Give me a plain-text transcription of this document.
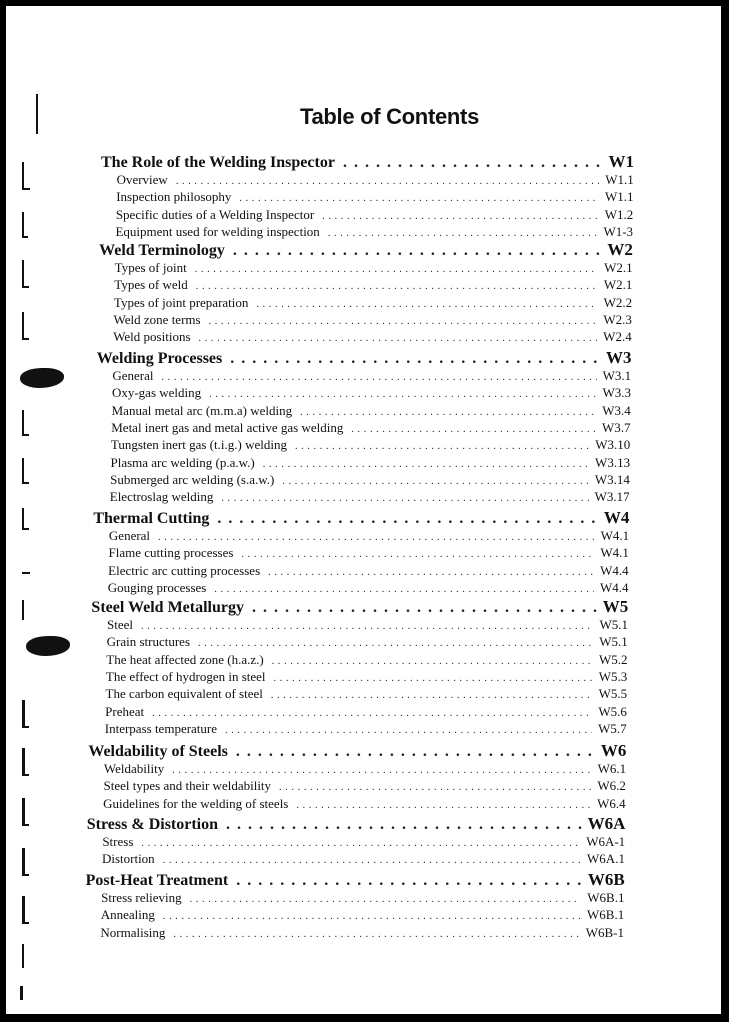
Table of Contents
The Role of the Welding Inspector . . .	W1
Overview . . .	W1.1
Inspection philosophy . . .	W1.1
Specific duties of a Welding Inspector . . .	W1.2
Equipment used for welding inspection . . .	W1-3
Weld Terminology . . .	W2
Types of joint . . .	W2.1
Types of weld . . .	W2.1
Types of joint preparation . . .	W2.2
Weld zone terms . . .	W2.3
Weld positions . . .	W2.4
Welding Processes . . .	W3
General . . .	W3.1
Oxy-gas welding . . .	W3.3
Manual metal arc (m.m.a) welding . . .	W3.4
Metal inert gas and metal active gas welding . . .	W3.7
Tungsten inert gas (t.i.g.) welding . . .	W3.10
Plasma arc welding (p.a.w.) . . .	W3.13
Submerged arc welding (s.a.w.) . . .	W3.14
Electroslag welding . . .	W3.17
Thermal Cutting . . .	W4
General . . .	W4.1
Flame cutting processes . . .	W4.1
Electric arc cutting processes . . .	W4.4
Gouging processes . . .	W4.4
Steel Weld Metallurgy . . .	W5
Steel . . .	W5.1
Grain structures . . .	W5.1
The heat affected zone (h.a.z.) . . .	W5.2
The effect of hydrogen in steel . . .	W5.3
The carbon equivalent of steel . . .	W5.5
Preheat . . .	W5.6
Interpass temperature . . .	W5.7
Weldability of Steels . . .	W6
Weldability . . .	W6.1
Steel types and their weldability . . .	W6.2
Guidelines for the welding of steels . . .	W6.4
Stress & Distortion . . .	W6A
Stress . . .	W6A-1
Distortion . . .	W6A.1
Post-Heat Treatment . . .	W6B
Stress relieving . . .	W6B.1
Annealing . . .	W6B.1
Normalising . . .	W6B-1
